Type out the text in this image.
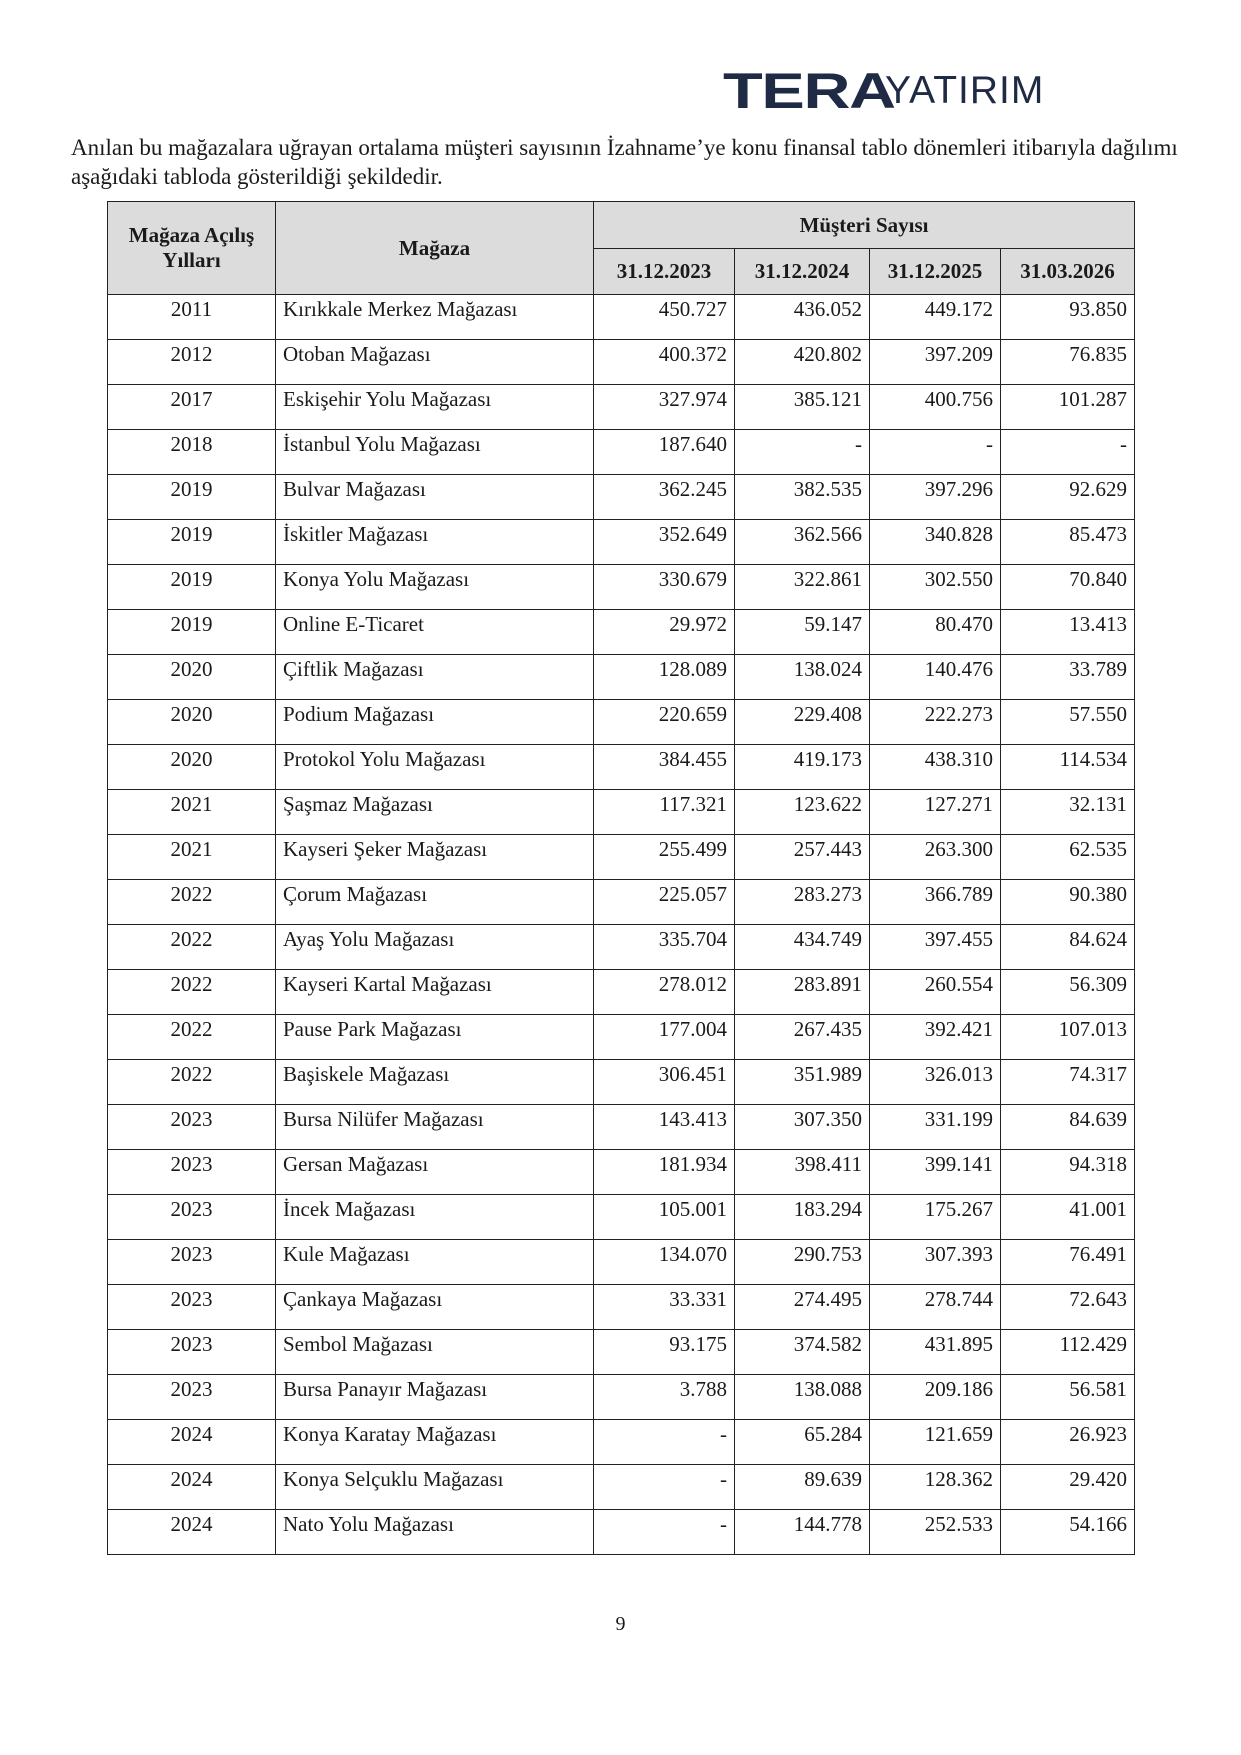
TERA
YATIRIM

Anılan bu mağazalara uğrayan ortalama müşteri sayısının İzahname’ye konu finansal tablo dönemleri itibarıyla dağılımı aşağıdaki tabloda gösterildiği şekildedir.

Mağaza Açılış Yılları	Mağaza	Müşteri Sayısı			
		31.12.2023	31.12.2024	31.12.2025	31.03.2026
2011	Kırıkkale Merkez Mağazası	450.727	436.052	449.172	93.850
2012	Otoban Mağazası	400.372	420.802	397.209	76.835
2017	Eskişehir Yolu Mağazası	327.974	385.121	400.756	101.287
2018	İstanbul Yolu Mağazası	187.640	-	-	-
2019	Bulvar Mağazası	362.245	382.535	397.296	92.629
2019	İskitler Mağazası	352.649	362.566	340.828	85.473
2019	Konya Yolu Mağazası	330.679	322.861	302.550	70.840
2019	Online E-Ticaret	29.972	59.147	80.470	13.413
2020	Çiftlik Mağazası	128.089	138.024	140.476	33.789
2020	Podium Mağazası	220.659	229.408	222.273	57.550
2020	Protokol Yolu Mağazası	384.455	419.173	438.310	114.534
2021	Şaşmaz Mağazası	117.321	123.622	127.271	32.131
2021	Kayseri Şeker Mağazası	255.499	257.443	263.300	62.535
2022	Çorum Mağazası	225.057	283.273	366.789	90.380
2022	Ayaş Yolu Mağazası	335.704	434.749	397.455	84.624
2022	Kayseri Kartal Mağazası	278.012	283.891	260.554	56.309
2022	Pause Park Mağazası	177.004	267.435	392.421	107.013
2022	Başiskele Mağazası	306.451	351.989	326.013	74.317
2023	Bursa Nilüfer Mağazası	143.413	307.350	331.199	84.639
2023	Gersan Mağazası	181.934	398.411	399.141	94.318
2023	İncek Mağazası	105.001	183.294	175.267	41.001
2023	Kule Mağazası	134.070	290.753	307.393	76.491
2023	Çankaya Mağazası	33.331	274.495	278.744	72.643
2023	Sembol Mağazası	93.175	374.582	431.895	112.429
2023	Bursa Panayır Mağazası	3.788	138.088	209.186	56.581
2024	Konya Karatay Mağazası	-	65.284	121.659	26.923
2024	Konya Selçuklu Mağazası	-	89.639	128.362	29.420
2024	Nato Yolu Mağazası	-	144.778	252.533	54.166
9
